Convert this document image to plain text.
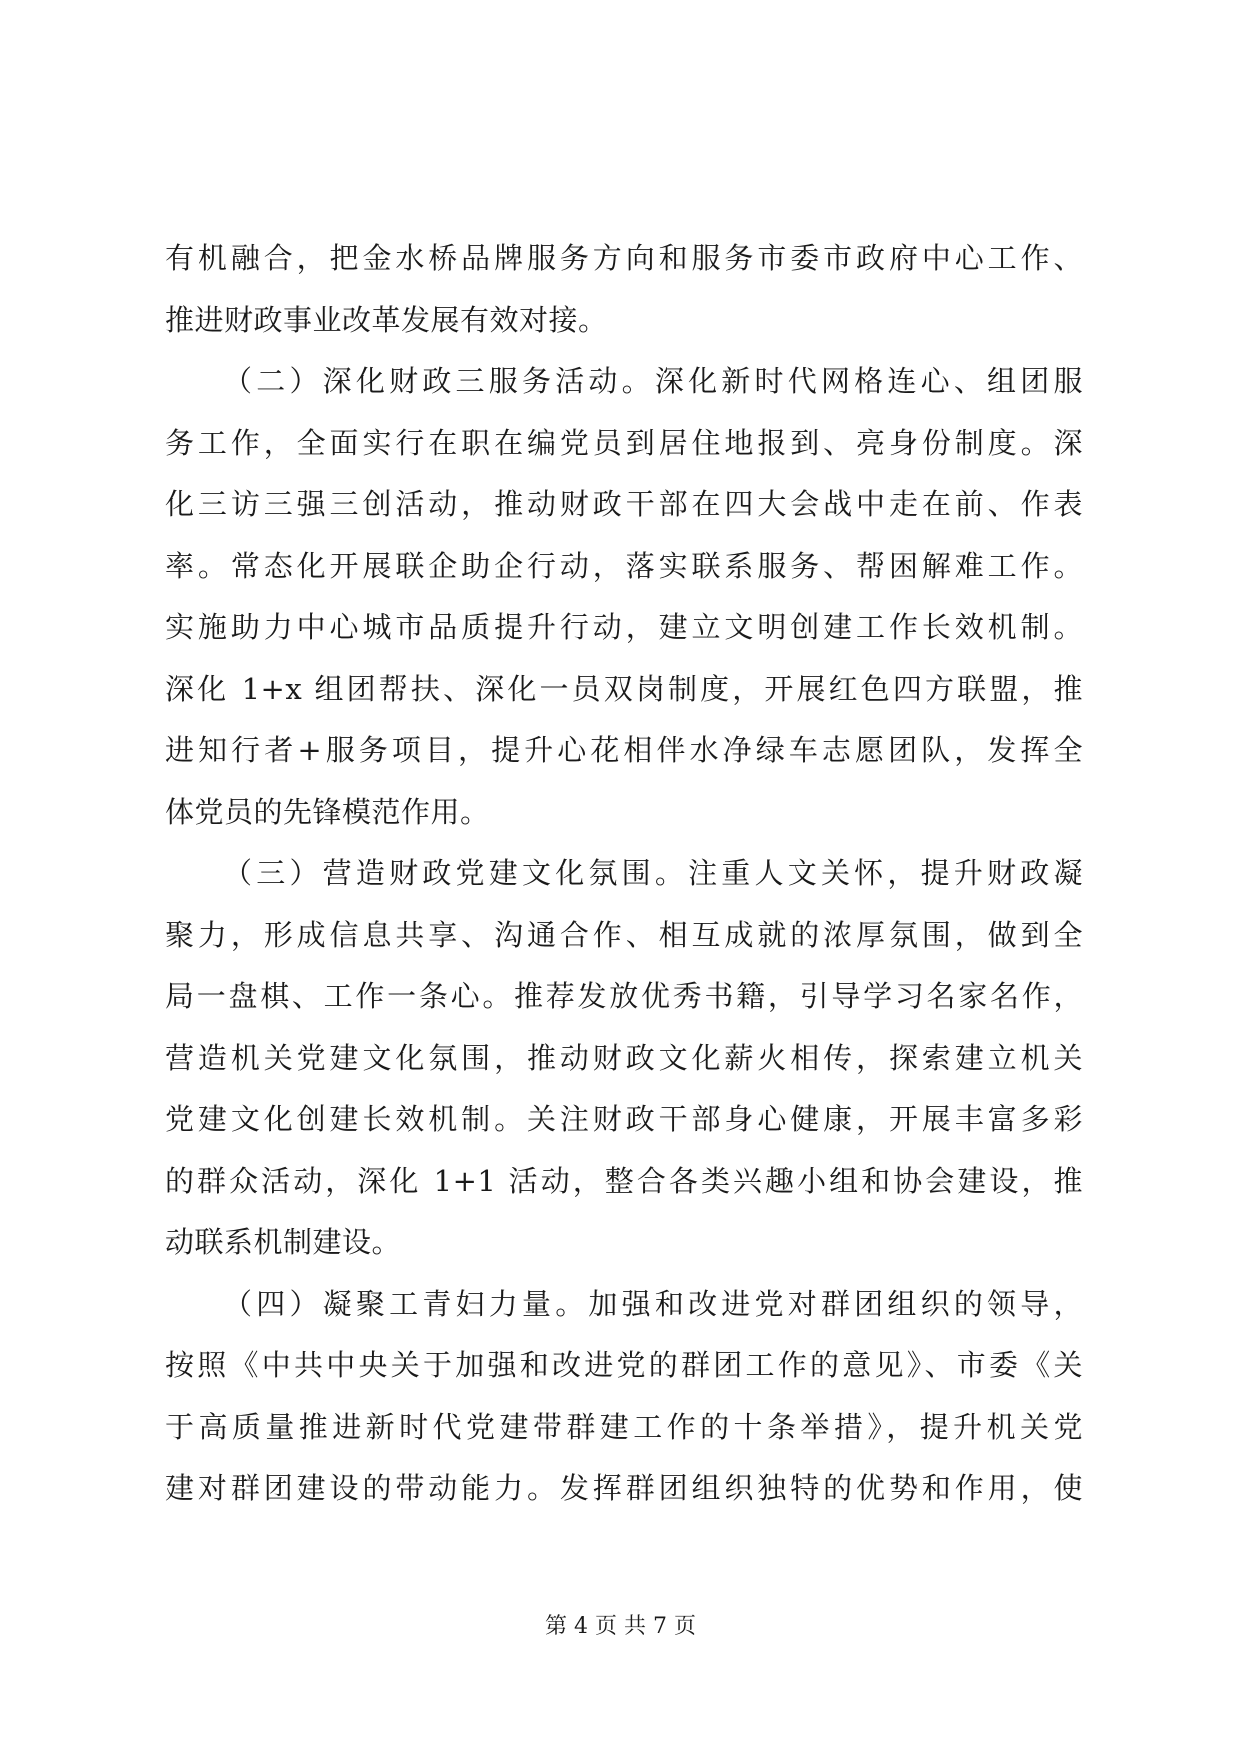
有机融合，把金水桥品牌服务方向和服务市委市政府中心工作、
推进财政事业改革发展有效对接。
（二）深化财政三服务活动。深化新时代网格连心、组团服
务工作，全面实行在职在编党员到居住地报到、亮身份制度。深
化三访三强三创活动，推动财政干部在四大会战中走在前、作表
率。常态化开展联企助企行动，落实联系服务、帮困解难工作。
实施助力中心城市品质提升行动，建立文明创建工作长效机制。
深化 1+x 组团帮扶、深化一员双岗制度，开展红色四方联盟，推
进知行者+服务项目，提升心花相伴水净绿车志愿团队，发挥全
体党员的先锋模范作用。
（三）营造财政党建文化氛围。注重人文关怀，提升财政凝
聚力，形成信息共享、沟通合作、相互成就的浓厚氛围，做到全
局一盘棋、工作一条心。推荐发放优秀书籍，引导学习名家名作，
营造机关党建文化氛围，推动财政文化薪火相传，探索建立机关
党建文化创建长效机制。关注财政干部身心健康，开展丰富多彩
的群众活动，深化 1+1 活动，整合各类兴趣小组和协会建设，推
动联系机制建设。
（四）凝聚工青妇力量。加强和改进党对群团组织的领导，
按照《中共中央关于加强和改进党的群团工作的意见》、市委《关
于高质量推进新时代党建带群建工作的十条举措》，提升机关党
建对群团建设的带动能力。发挥群团组织独特的优势和作用，使
第 4 页 共 7 页
